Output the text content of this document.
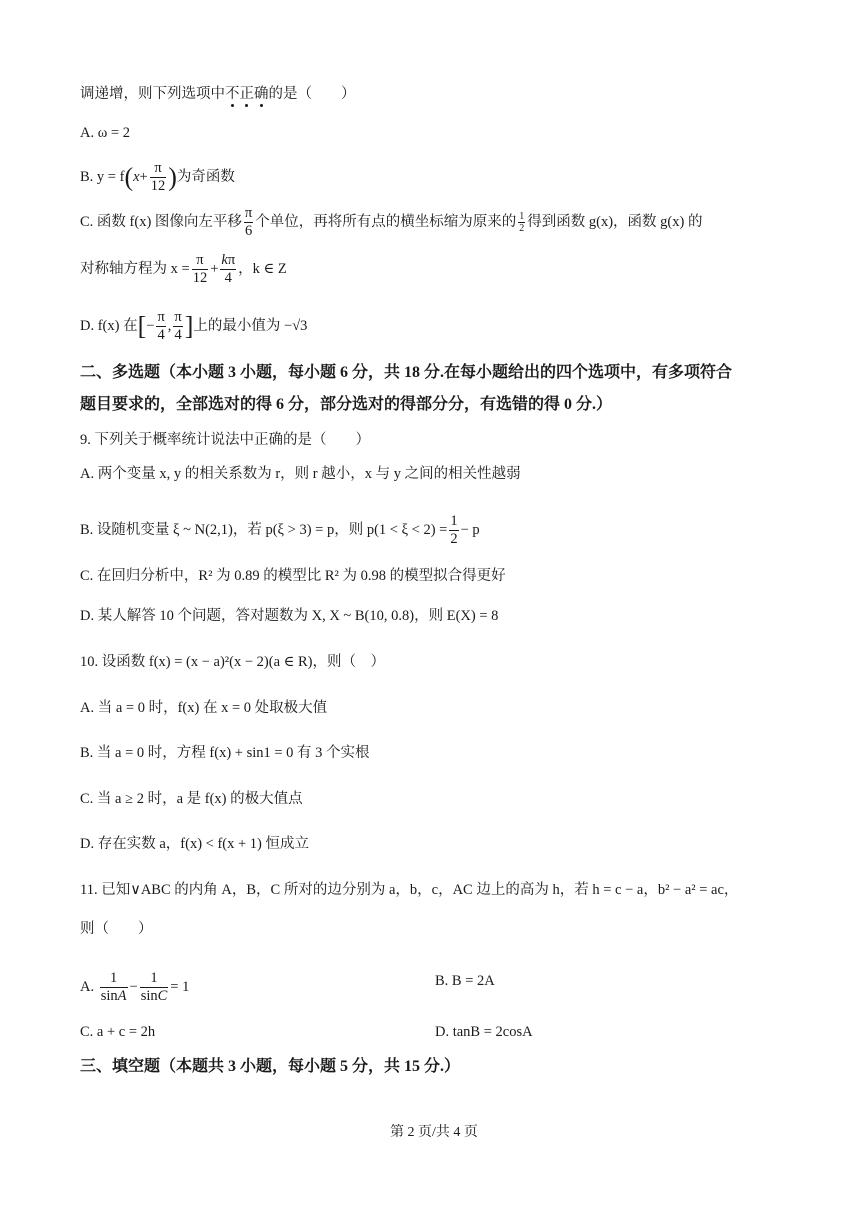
调递增，则下列选项中不正确的是（　　）
A. ω = 2
B. $y = f(x+ \frac{\pi}{12}$ )为奇函数
C. 函数 f(x) 图像向左平移 $\frac{\pi}{6}$ 个单位，再将所有点的横坐标缩为原来的 $\frac{1}{2}$ 得到函数 g(x)，函数 g(x) 的
对称轴方程为 $x = \frac{\pi}{12} + \frac{k\pi}{4}$ ，k ∈ Z
D. f(x) 在[− $\frac{\pi}{4}$ , $\frac{\pi}{4}$ ]上的最小值为 −√3
二、多选题（本小题 3 小题，每小题 6 分，共 18 分.在每小题给出的四个选项中，有多项符合
题目要求的，全部选对的得 6 分，部分选对的得部分分，有选错的得 0 分.）
9. 下列关于概率统计说法中正确的是（　　）
A. 两个变量 x, y 的相关系数为 r，则 r 越小，x 与 y 之间的相关性越弱
B. 设随机变量 ξ ~ N(2,1)，若 p(ξ > 3) = p，则 $p(1 < \xi < 2) = \frac{1}{2} - p$
C. 在回归分析中，R² 为 0.89 的模型比 R² 为 0.98 的模型拟合得更好
D. 某人解答 10 个问题，答对题数为 X, X ~ B(10, 0.8)，则 E(X) = 8
10. 设函数 f(x) = (x − a)²(x − 2)(a ∈ R)，则（　）
A. 当 a = 0 时，f(x) 在 x = 0 处取极大值
B. 当 a = 0 时，方程 f(x) + sin1 = 0 有 3 个实根
C. 当 a ≥ 2 时，a 是 f(x) 的极大值点
D. 存在实数 a，f(x) < f(x + 1) 恒成立
11. 已知∨ABC 的内角 A，B，C 所对的边分别为 a，b，c，AC 边上的高为 h，若 h = c − a，b² − a² = ac，
则（　　）
A. $\frac{1}{\sin A} - \frac{1}{\sin C} = 1$	B. B = 2A
C. a + c = 2h	D. tanB = 2cosA
三、填空题（本题共 3 小题，每小题 5 分，共 15 分.）
第 2 页/共 4 页
